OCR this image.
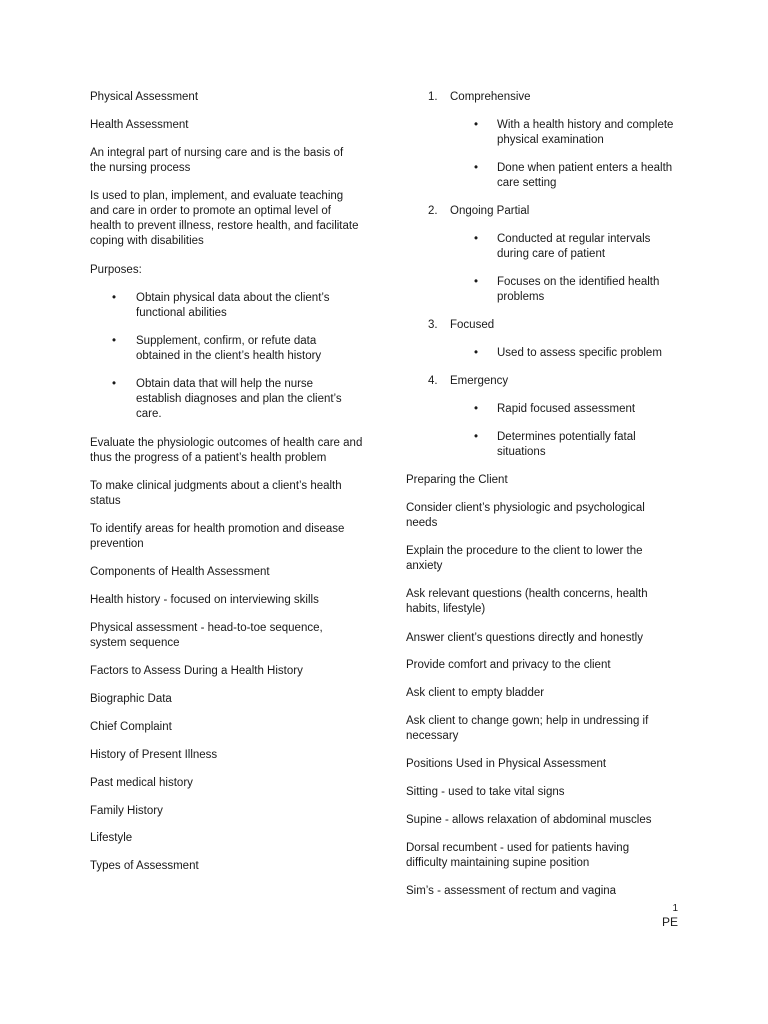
Physical Assessment

Health Assessment

An integral part of nursing care and is the basis of the nursing process

Is used to plan, implement, and evaluate teaching and care in order to promote an optimal level of health to prevent illness, restore health, and facilitate coping with disabilities

Purposes:

• Obtain physical data about the client’s functional abilities
• Supplement, confirm, or refute data obtained in the client’s health history
• Obtain data that will help the nurse establish diagnoses and plan the client’s care.

Evaluate the physiologic outcomes of health care and thus the progress of a patient’s health problem

To make clinical judgments about a client’s health status

To identify areas for health promotion and disease prevention

Components of Health Assessment

Health history - focused on interviewing skills

Physical assessment - head-to-toe sequence, system sequence

Factors to Assess During a Health History

Biographic Data

Chief Complaint

History of Present Illness

Past medical history

Family History

Lifestyle

Types of Assessment

1. Comprehensive
• With a health history and complete physical examination
• Done when patient enters a health care setting
2. Ongoing Partial
• Conducted at regular intervals during care of patient
• Focuses on the identified health problems
3. Focused
• Used to assess specific problem
4. Emergency
• Rapid focused assessment
• Determines potentially fatal situations

Preparing the Client

Consider client’s physiologic and psychological needs

Explain the procedure to the client to lower the anxiety

Ask relevant questions (health concerns, health habits, lifestyle)

Answer client’s questions directly and honestly

Provide comfort and privacy to the client

Ask client to empty bladder

Ask client to change gown; help in undressing if necessary

Positions Used in Physical Assessment

Sitting - used to take vital signs

Supine - allows relaxation of abdominal muscles

Dorsal recumbent - used for patients having difficulty maintaining supine position

Sim’s - assessment of rectum and vagina

1
PE
